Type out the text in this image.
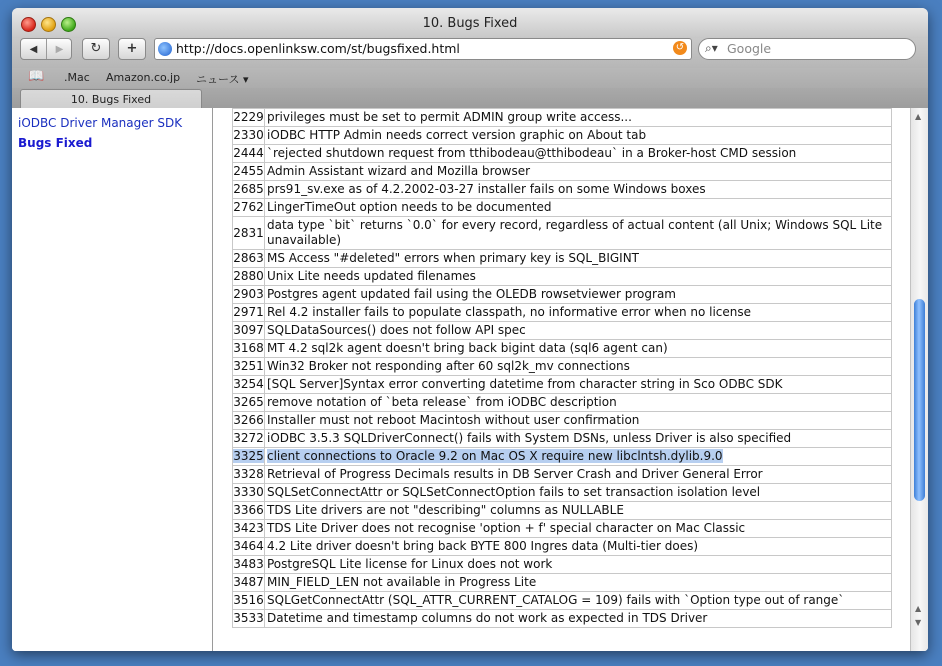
10. Bugs Fixed
◀	▶	↻	+	http://docs.openlinksw.com/st/bugsfixed.html	↺ ⌕▾ Google
📖 .Mac Amazon.co.jp ニュース ▾
10. Bugs Fixed
iODBC Driver Manager SDK
Bugs Fixed
2229	privileges must be set to permit ADMIN group write access...
2330	iODBC HTTP Admin needs correct version graphic on About tab
2444	`rejected shutdown request from tthibodeau@tthibodeau` in a Broker-host CMD session
2455	Admin Assistant wizard and Mozilla browser
2685	prs91_sv.exe as of 4.2.2002-03-27 installer fails on some Windows boxes
2762	LingerTimeOut option needs to be documented
2831	data type `bit` returns `0.0` for every record, regardless of actual content (all Unix; Windows SQL Lite unavailable)
2863	MS Access "#deleted" errors when primary key is SQL_BIGINT
2880	Unix Lite needs updated filenames
2903	Postgres agent updated fail using the OLEDB rowsetviewer program
2971	Rel 4.2 installer fails to populate classpath, no informative error when no license
3097	SQLDataSources() does not follow API spec
3168	MT 4.2 sql2k agent doesn't bring back bigint data (sql6 agent can)
3251	Win32 Broker not responding after 60 sql2k_mv connections
3254	[SQL Server]Syntax error converting datetime from character string in Sco ODBC SDK
3265	remove notation of `beta release` from iODBC description
3266	Installer must not reboot Macintosh without user confirmation
3272	iODBC 3.5.3 SQLDriverConnect() fails with System DSNs, unless Driver is also specified
3325	client connections to Oracle 9.2 on Mac OS X require new libclntsh.dylib.9.0
3328	Retrieval of Progress Decimals results in DB Server Crash and Driver General Error
3330	SQLSetConnectAttr or SQLSetConnectOption fails to set transaction isolation level
3366	TDS Lite drivers are not "describing" columns as NULLABLE
3423	TDS Lite Driver does not recognise 'option + f' special character on Mac Classic
3464	4.2 Lite driver doesn't bring back BYTE 800 Ingres data (Multi-tier does)
3483	PostgreSQL Lite license for Linux does not work
3487	MIN_FIELD_LEN not available in Progress Lite
3516	SQLGetConnectAttr (SQL_ATTR_CURRENT_CATALOG = 109) fails with `Option type out of range`
3533	Datetime and timestamp columns do not work as expected in TDS Driver
▲
▲
▼
